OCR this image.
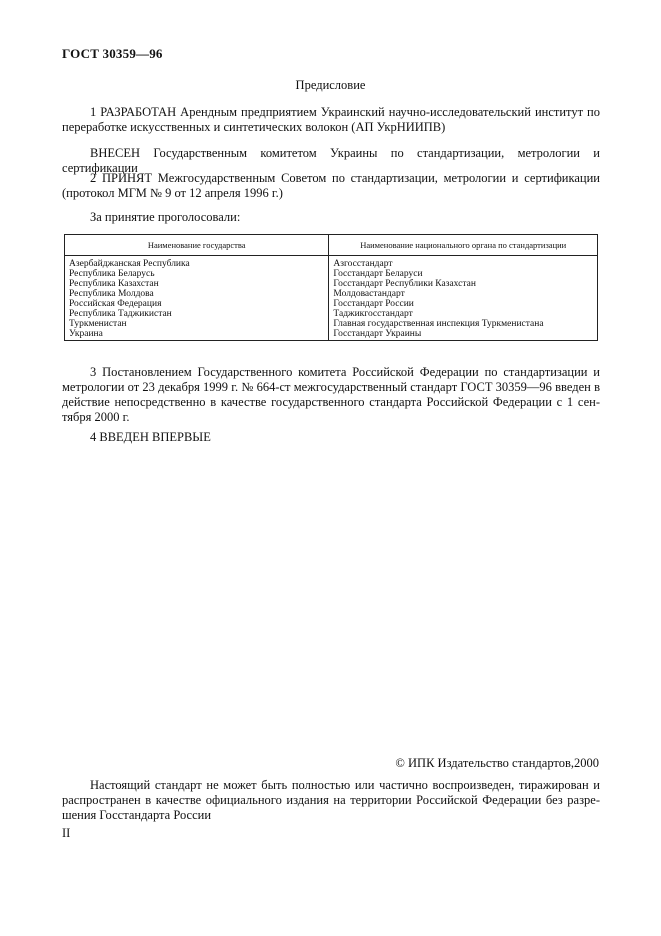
ГОСТ 30359—96
Предисловие
1 РАЗРАБОТАН Арендным предприятием Украинский научно-исследовательский институт по переработке искусственных и синтетических волокон (АП УкрНИИПВ)
ВНЕСЕН Государственным комитетом Украины по стандартизации, метрологии и сертификации
2 ПРИНЯТ Межгосударственным Советом по стандартизации, метрологии и сертификации (протокол МГМ № 9 от 12 апреля 1996 г.)
За принятие проголосовали:
Наименование государства	Наименование национального органа по стандартизации
Азербайджанская Республика	Азгосстандарт
Республика Беларусь	Госстандарт Беларуси
Республика Казахстан	Госстандарт Республики Казахстан
Республика Молдова	Молдовастандарт
Российская Федерация	Госстандарт России
Республика Таджикистан	Таджикгосстандарт
Туркменистан	Главная государственная инспекция Туркменистана
Украина	Госстандарт Украины
3 Постановлением Государственного комитета Российской Федерации по стандартизации и метрологии от 23 декабря 1999 г. № 664-ст межгосударственный стандарт ГОСТ 30359—96 введен в действие непосредственно в качестве государственного стандарта Российской Федерации с 1 сен-тября 2000 г.
4 ВВЕДЕН ВПЕРВЫЕ
© ИПК Издательство стандартов,2000
Настоящий стандарт не может быть полностью или частично воспроизведен, тиражирован и распространен в качестве официального издания на территории Российской Федерации без разре-шения Госстандарта России
II
